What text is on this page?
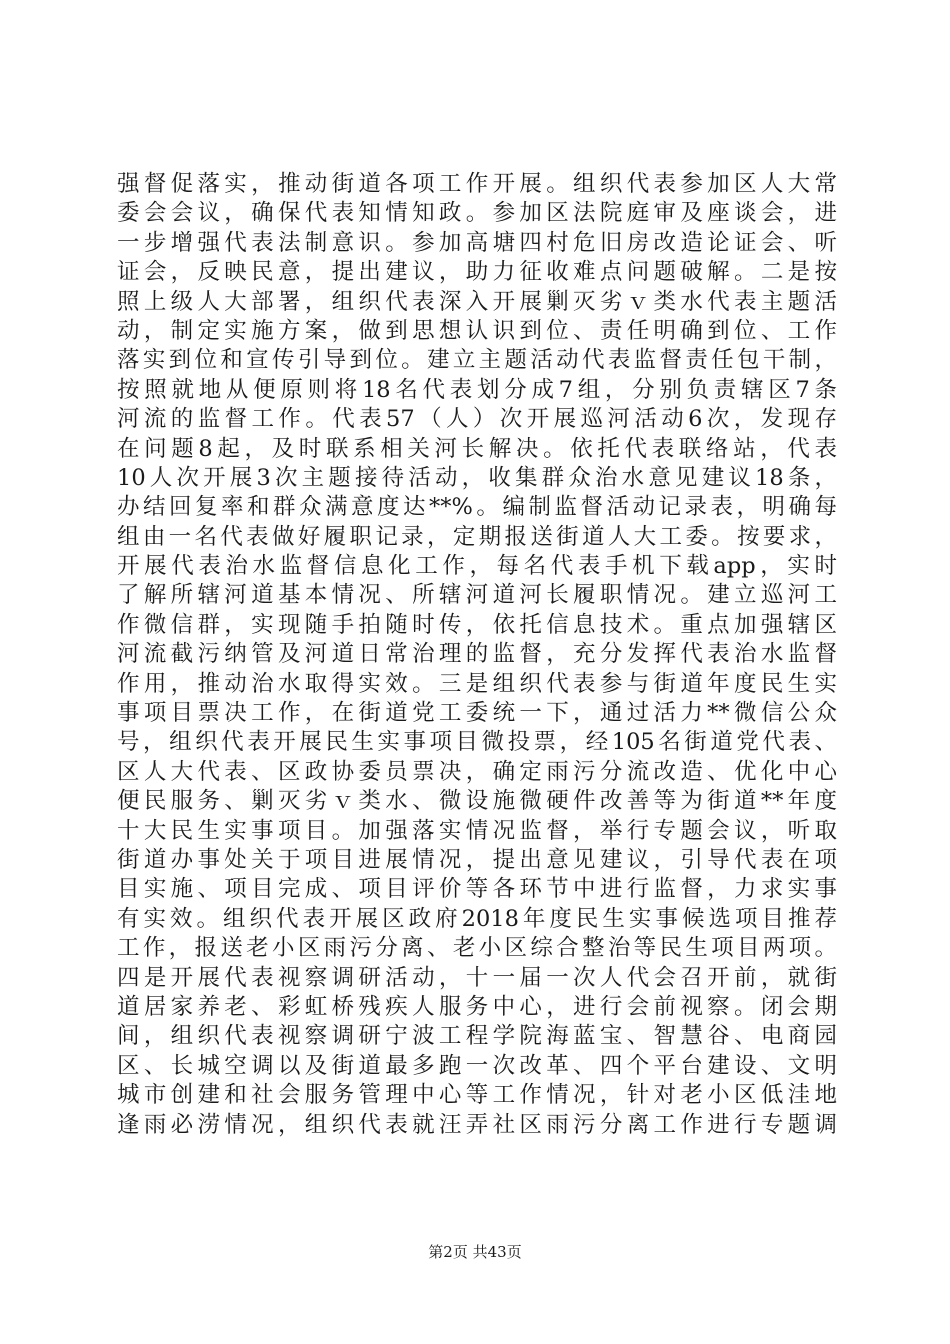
强督促落实，推动街道各项工作开展。组织代表参加区人大常
委会会议，确保代表知情知政。参加区法院庭审及座谈会，进
一步增强代表法制意识。参加高塘四村危旧房改造论证会、听
证会，反映民意，提出建议，助力征收难点问题破解。二是按
照上级人大部署，组织代表深入开展剿灭劣ｖ类水代表主题活
动，制定实施方案，做到思想认识到位、责任明确到位、工作
落实到位和宣传引导到位。建立主题活动代表监督责任包干制，
按照就地从便原则将18名代表划分成7组，分别负责辖区7条
河流的监督工作。代表57（人）次开展巡河活动6次，发现存
在问题8起，及时联系相关河长解决。依托代表联络站，代表
10人次开展3次主题接待活动，收集群众治水意见建议18条，
办结回复率和群众满意度达**%。编制监督活动记录表，明确每
组由一名代表做好履职记录，定期报送街道人大工委。按要求，
开展代表治水监督信息化工作，每名代表手机下载app，实时
了解所辖河道基本情况、所辖河道河长履职情况。建立巡河工
作微信群，实现随手拍随时传，依托信息技术。重点加强辖区
河流截污纳管及河道日常治理的监督，充分发挥代表治水监督
作用，推动治水取得实效。三是组织代表参与街道年度民生实
事项目票决工作，在街道党工委统一下，通过活力**微信公众
号，组织代表开展民生实事项目微投票，经105名街道党代表、
区人大代表、区政协委员票决，确定雨污分流改造、优化中心
便民服务、剿灭劣ｖ类水、微设施微硬件改善等为街道**年度
十大民生实事项目。加强落实情况监督，举行专题会议，听取
街道办事处关于项目进展情况，提出意见建议，引导代表在项
目实施、项目完成、项目评价等各环节中进行监督，力求实事
有实效。组织代表开展区政府2018年度民生实事候选项目推荐
工作，报送老小区雨污分离、老小区综合整治等民生项目两项。
四是开展代表视察调研活动，十一届一次人代会召开前，就街
道居家养老、彩虹桥残疾人服务中心，进行会前视察。闭会期
间，组织代表视察调研宁波工程学院海蓝宝、智慧谷、电商园
区、长城空调以及街道最多跑一次改革、四个平台建设、文明
城市创建和社会服务管理中心等工作情况，针对老小区低洼地
逢雨必涝情况，组织代表就汪弄社区雨污分离工作进行专题调
第2页 共43页
